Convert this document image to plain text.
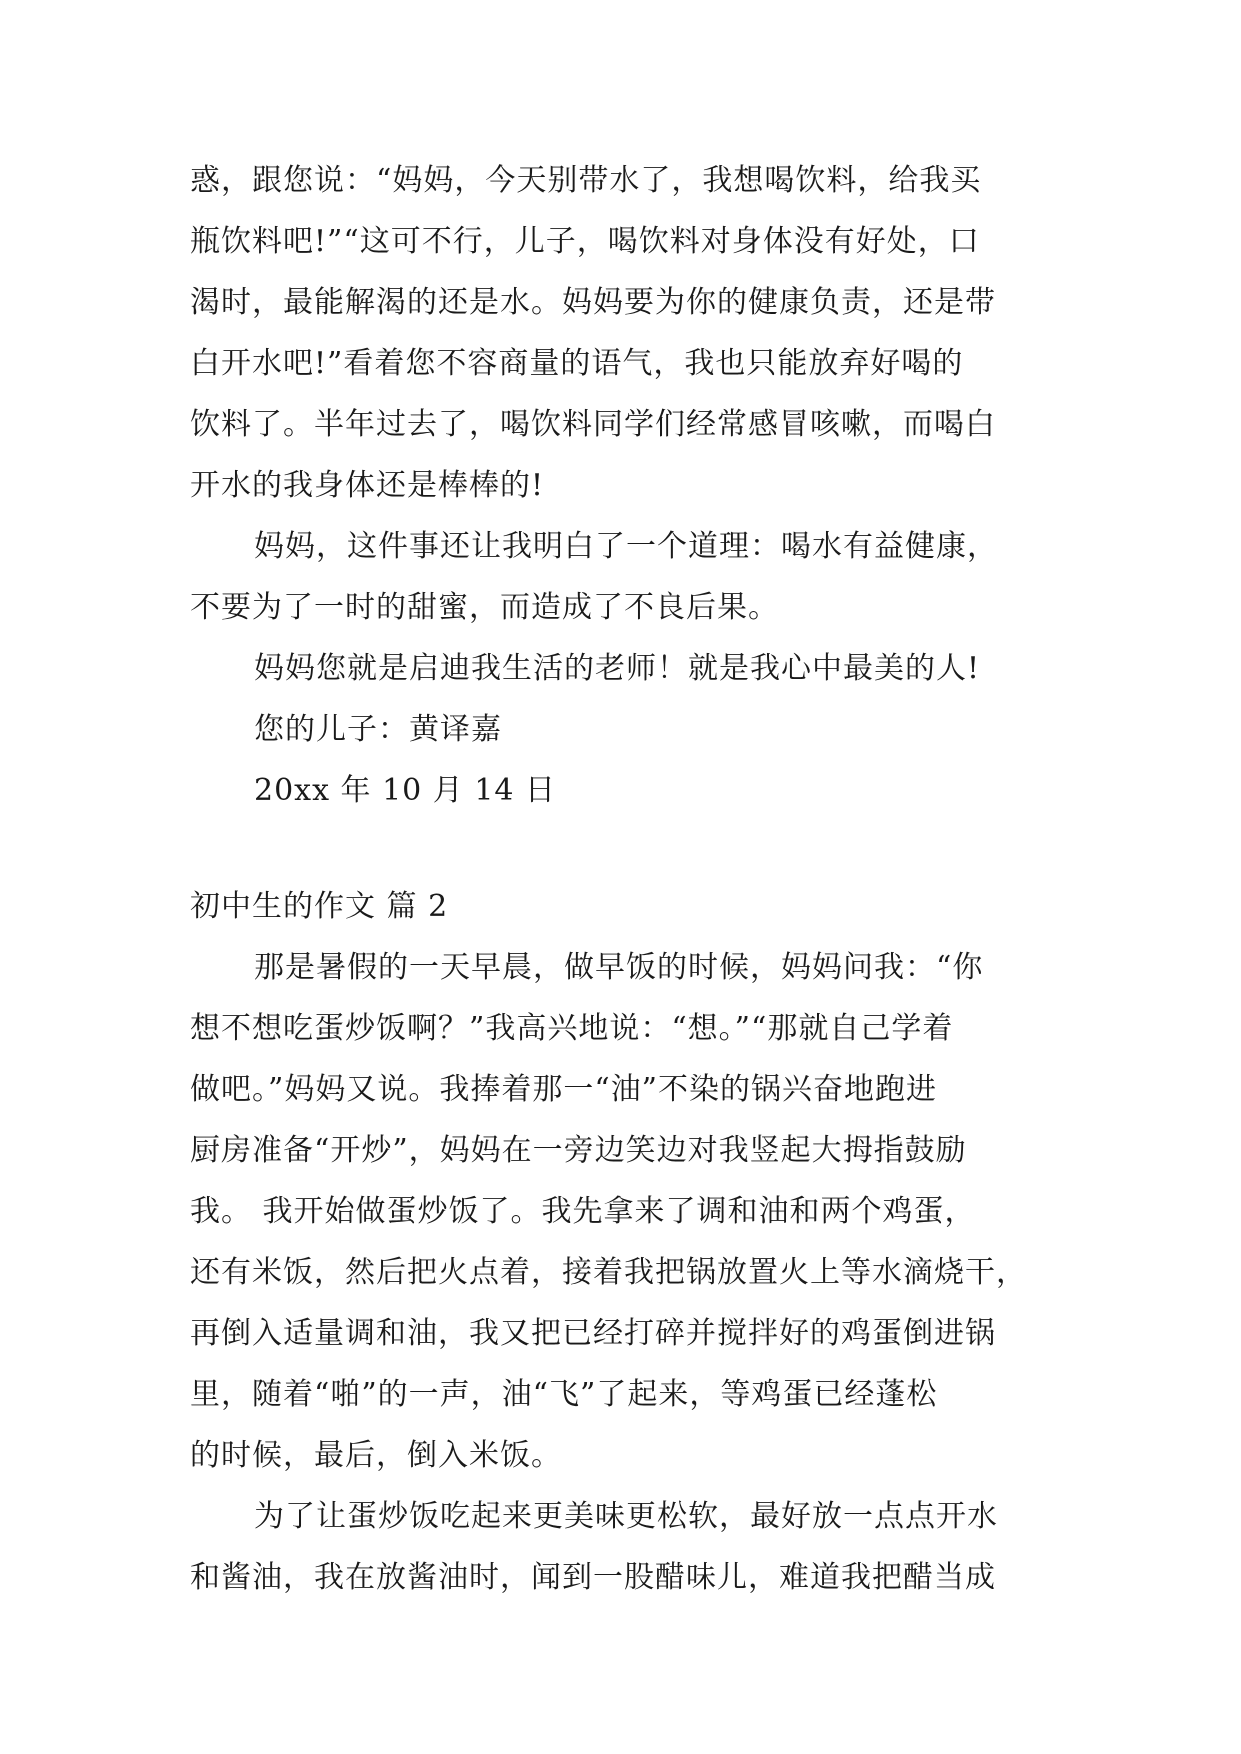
惑，跟您说：“妈妈，今天别带水了，我想喝饮料，给我买
瓶饮料吧!”“这可不行，儿子，喝饮料对身体没有好处，口
渴时，最能解渴的还是水。妈妈要为你的健康负责，还是带
白开水吧!”看着您不容商量的语气，我也只能放弃好喝的
饮料了。半年过去了，喝饮料同学们经常感冒咳嗽，而喝白
开水的我身体还是棒棒的!
妈妈，这件事还让我明白了一个道理：喝水有益健康，
不要为了一时的甜蜜，而造成了不良后果。
妈妈您就是启迪我生活的老师！就是我心中最美的人!
您的儿子：黄译嘉
20xx 年 10 月 14 日
初中生的作文 篇 2
那是暑假的一天早晨，做早饭的时候，妈妈问我：“你
想不想吃蛋炒饭啊？”我高兴地说：“想。”“那就自己学着
做吧。”妈妈又说。我捧着那一“油”不染的锅兴奋地跑进
厨房准备“开炒”，妈妈在一旁边笑边对我竖起大拇指鼓励
我。 我开始做蛋炒饭了。我先拿来了调和油和两个鸡蛋，
还有米饭，然后把火点着，接着我把锅放置火上等水滴烧干，
再倒入适量调和油，我又把已经打碎并搅拌好的鸡蛋倒进锅
里，随着“啪”的一声，油“飞”了起来，等鸡蛋已经蓬松
的时候，最后，倒入米饭。
为了让蛋炒饭吃起来更美味更松软，最好放一点点开水
和酱油，我在放酱油时，闻到一股醋味儿，难道我把醋当成
